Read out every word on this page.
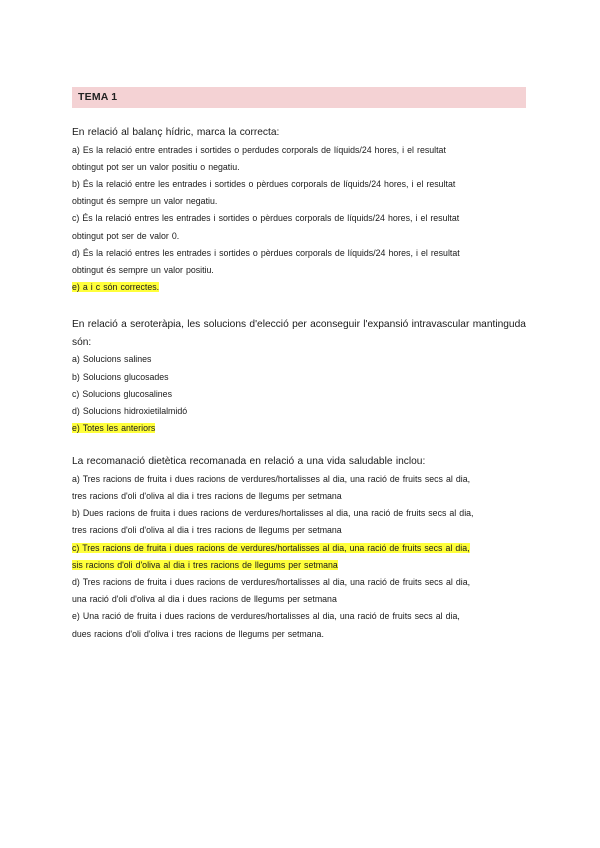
TEMA 1

En relació al balanç hídric, marca la correcta:

a) Es la relació entre entrades i sortides o perdudes corporals de líquids/24 hores, i el resultat
obtingut pot ser un valor positiu o negatiu.
b) És la relació entre les entrades i sortides o pèrdues corporals de líquids/24 hores, i el resultat
obtingut és sempre un valor negatiu.
c) És la relació entres les entrades i sortides o pèrdues corporals de líquids/24 hores, i el resultat
obtingut pot ser de valor 0.
d) És la relació entres les entrades i sortides o pèrdues corporals de líquids/24 hores, i el resultat
obtingut és sempre un valor positiu.
e) a i c són correctes.

En relació a seroteràpia, les solucions d'elecció per aconseguir l'expansió intravascular mantinguda són:

a) Solucions salines
b) Solucions glucosades
c) Solucions glucosalines
d) Solucions hidroxietilalmidó
e) Totes les anteriors

La recomanació dietètica recomanada en relació a una vida saludable inclou:

a) Tres racions de fruita i dues racions de verdures/hortalisses al dia, una ració de fruits secs al dia,
tres racions d'oli d'oliva al dia i tres racions de llegums per setmana
b) Dues racions de fruita i dues racions de verdures/hortalisses al dia, una ració de fruits secs al dia,
tres racions d'oli d'oliva al dia i tres racions de llegums per setmana
c) Tres racions de fruita i dues racions de verdures/hortalisses al dia, una ració de fruits secs al dia,
sis racions d'oli d'oliva al dia i tres racions de llegums per setmana
d) Tres racions de fruita i dues racions de verdures/hortalisses al dia, una ració de fruits secs al dia,
una ració d'oli d'oliva al dia i dues racions de llegums per setmana
e) Una ració de fruita i dues racions de verdures/hortalisses al dia, una ració de fruits secs al dia,
dues racions d'oli d'oliva i tres racions de llegums per setmana.
